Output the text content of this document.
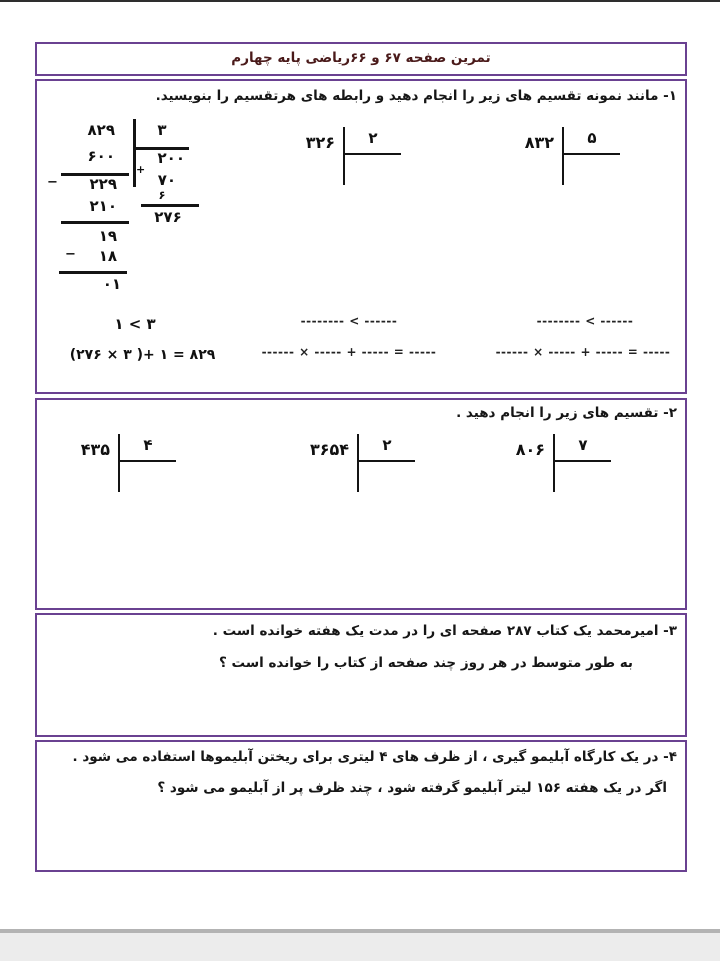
تمرین صفحه ۶۷ و ۶۶ریاضی پایه چهارم
۱- مانند نمونه تقسیم های زیر را انجام دهید و رابطه های هرتقسیم را بنویسید.
۸۲۹	۳
۶۰۰
+
۲۰۰
−	۲۲۹	۷۰
۶
۲۱۰
۲۷۶
۱۹
−	۱۸
۰۱
۳۲۶	۲	۸۳۲	۵
۱ < ۳
(۲۷۶ × ۳ )+ ۱ = ۸۲۹
-------- < ------
------ × ----- + ----- = -----
-------- < ------
------ × ----- + ----- = -----
۲- تقسیم های زیر را انجام دهید .
۴۳۵	۴	۳۶۵۴	۲	۸۰۶	۷
۳- امیرمحمد یک کتاب ۲۸۷ صفحه ای را در مدت یک هفته خوانده است .
به طور متوسط در هر روز چند صفحه از کتاب را خوانده است ؟
۴- در یک کارگاه آبلیمو گیری ، از ظرف های ۴ لیتری برای ریختن آبلیموها استفاده می شود .
اگر در یک هفته ۱۵۶ لیتر آبلیمو گرفته شود ، چند ظرف پر از آبلیمو می شود ؟
